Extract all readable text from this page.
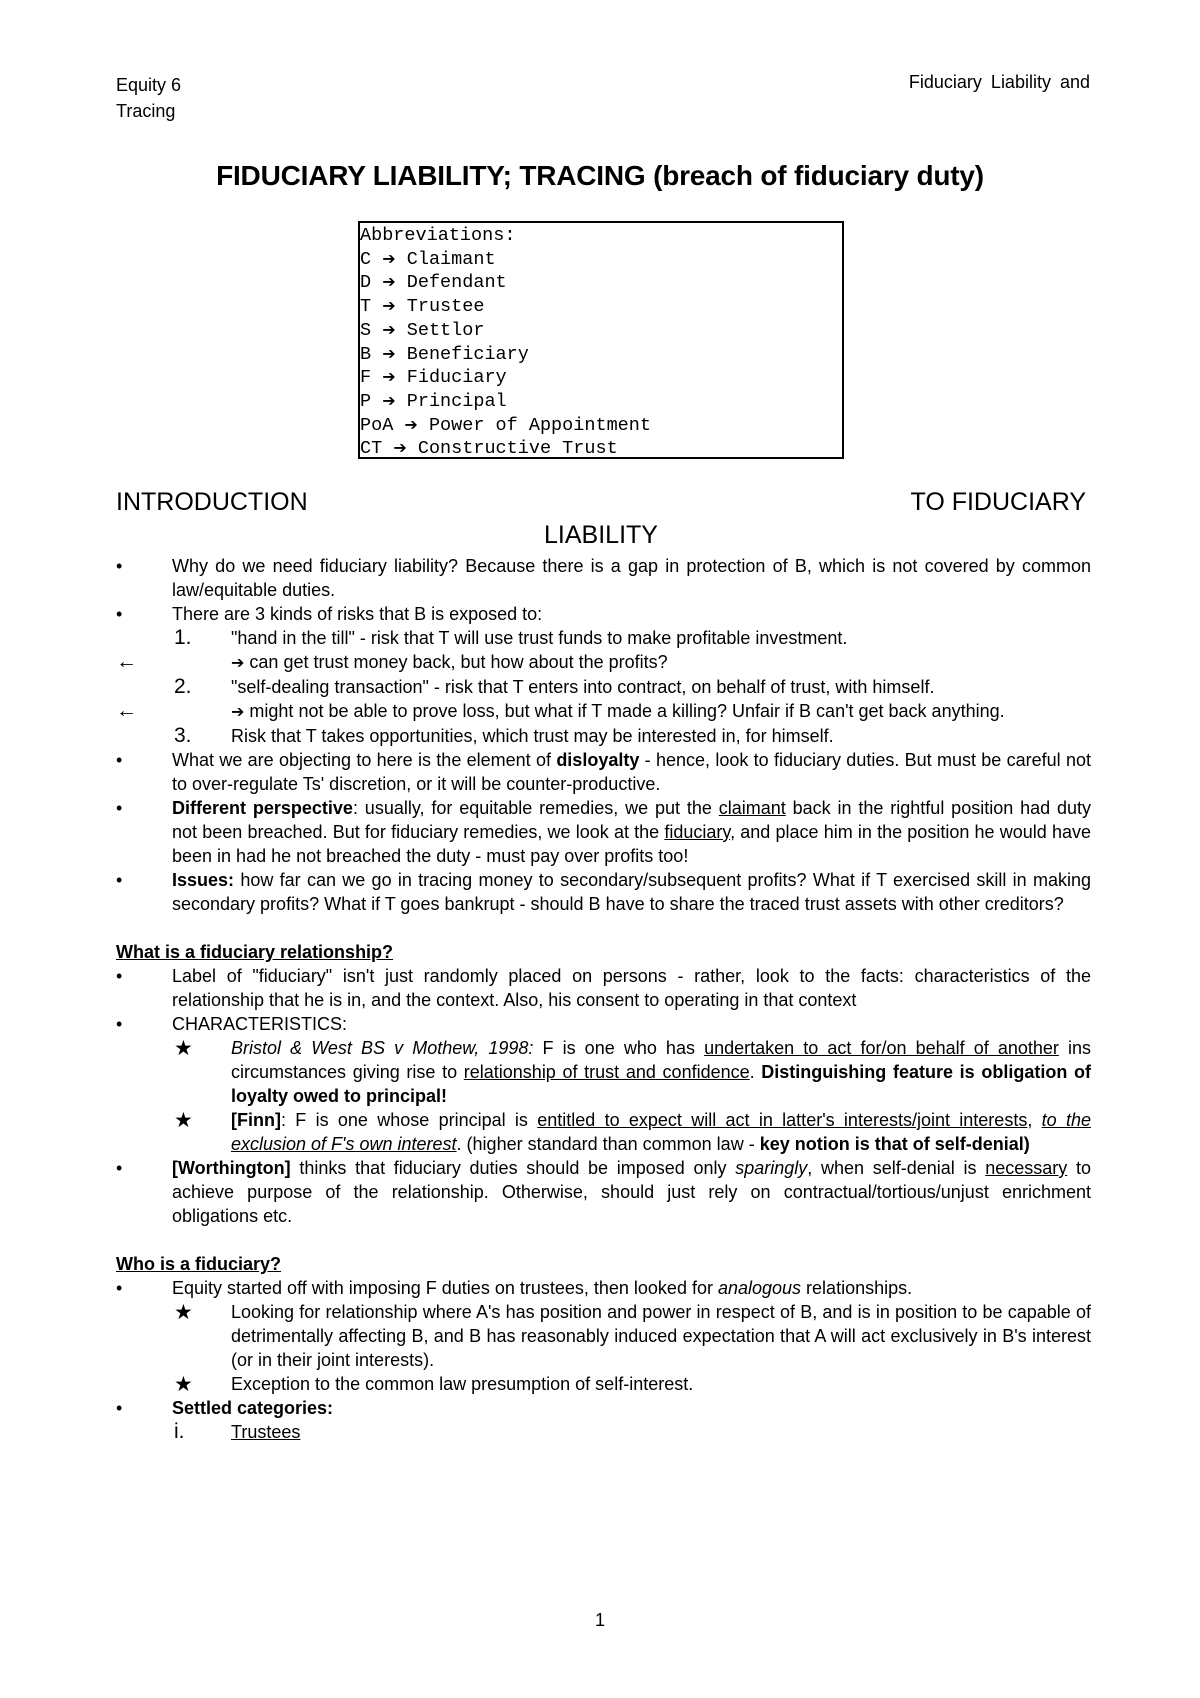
Equity 6
Tracing
Fiduciary Liability and
FIDUCIARY LIABILITY; TRACING (breach of fiduciary duty)
Abbreviations:
C ➔ Claimant
D ➔ Defendant
T ➔ Trustee
S ➔ Settlor
B ➔ Beneficiary
F ➔ Fiduciary
P ➔ Principal
PoA ➔ Power of Appointment
CT ➔ Constructive Trust
INTRODUCTION	TO FIDUCIARY
LIABILITY
•	Why do we need fiduciary liability? Because there is a gap in protection of B, which is not covered by common law/equitable duties.
•	There are 3 kinds of risks that B is exposed to:
1.	"hand in the till" - risk that T will use trust funds to make profitable investment.
←	➔ can get trust money back, but how about the profits?
2.	"self-dealing transaction" - risk that T enters into contract, on behalf of trust, with himself.
←	➔ might not be able to prove loss, but what if T made a killing? Unfair if B can't get back anything.
3.	Risk that T takes opportunities, which trust may be interested in, for himself.
•	What we are objecting to here is the element of disloyalty - hence, look to fiduciary duties. But must be careful not to over-regulate Ts' discretion, or it will be counter-productive.
•	Different perspective: usually, for equitable remedies, we put the claimant back in the rightful position had duty not been breached. But for fiduciary remedies, we look at the fiduciary, and place him in the position he would have been in had he not breached the duty - must pay over profits too!
•	Issues: how far can we go in tracing money to secondary/subsequent profits? What if T exercised skill in making secondary profits? What if T goes bankrupt - should B have to share the traced trust assets with other creditors?
What is a fiduciary relationship?
•	Label of "fiduciary" isn't just randomly placed on persons - rather, look to the facts: characteristics of the relationship that he is in, and the context. Also, his consent to operating in that context
•	CHARACTERISTICS:
★	Bristol & West BS v Mothew, 1998: F is one who has undertaken to act for/on behalf of another ins circumstances giving rise to relationship of trust and confidence. Distinguishing feature is obligation of loyalty owed to principal!
★	[Finn]: F is one whose principal is entitled to expect will act in latter's interests/joint interests, to the exclusion of F's own interest. (higher standard than common law - key notion is that of self-denial)
•	[Worthington] thinks that fiduciary duties should be imposed only sparingly, when self-denial is necessary to achieve purpose of the relationship. Otherwise, should just rely on contractual/tortious/unjust enrichment obligations etc.
Who is a fiduciary?
•	Equity started off with imposing F duties on trustees, then looked for analogous relationships.
★	Looking for relationship where A's has position and power in respect of B, and is in position to be capable of detrimentally affecting B, and B has reasonably induced expectation that A will act exclusively in B's interest (or in their joint interests).
★	Exception to the common law presumption of self-interest.
•	Settled categories:
i.	Trustees
1
